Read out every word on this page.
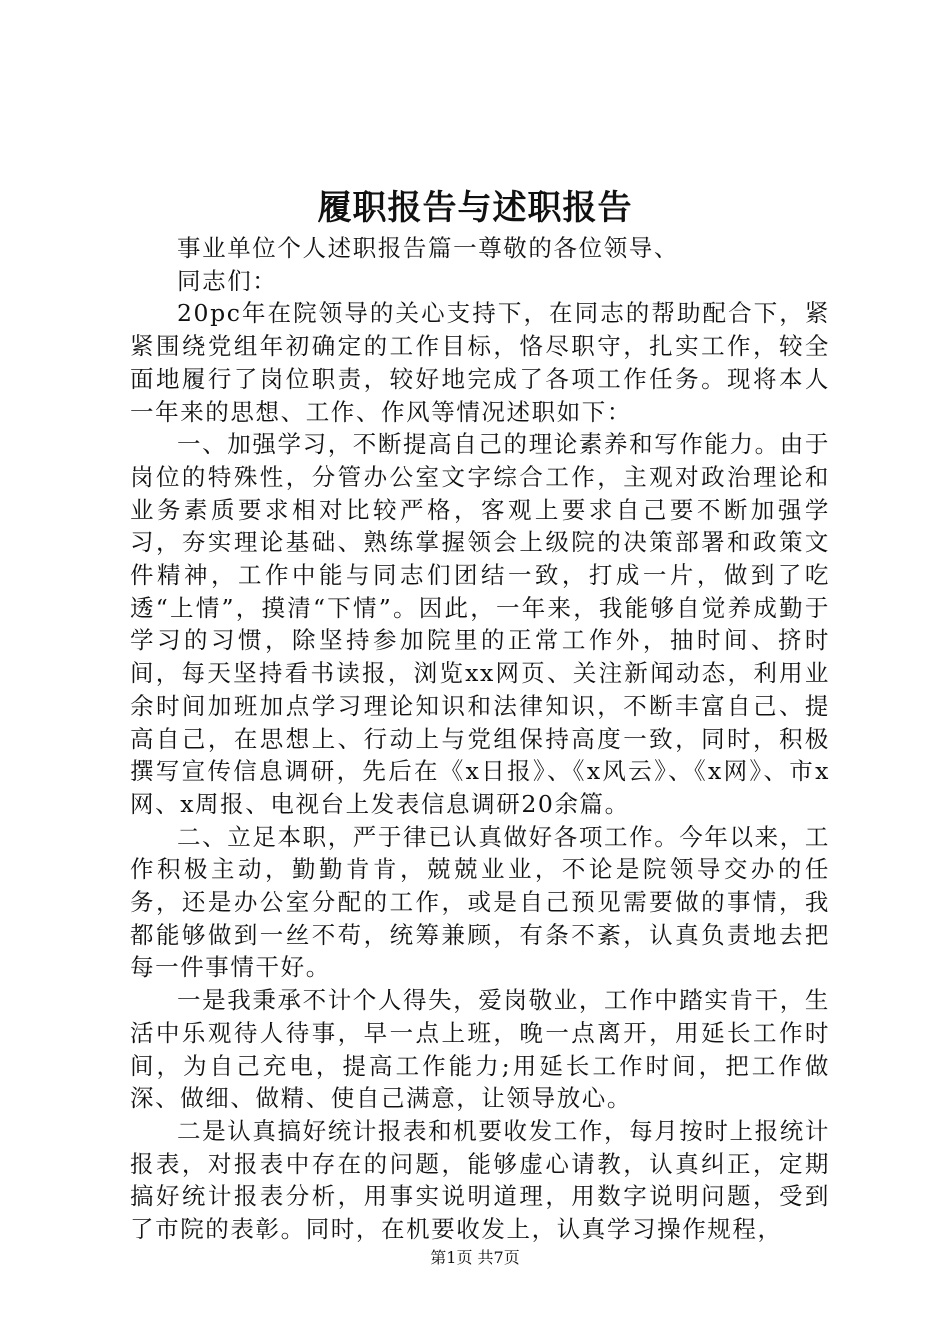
履职报告与述职报告

事业单位个人述职报告篇一尊敬的各位领导、

同志们：

20pc年在院领导的关心支持下，在同志的帮助配合下，紧紧围绕党组年初确定的工作目标，恪尽职守，扎实工作，较全面地履行了岗位职责，较好地完成了各项工作任务。现将本人一年来的思想、工作、作风等情况述职如下：

一、加强学习，不断提高自己的理论素养和写作能力。由于岗位的特殊性，分管办公室文字综合工作，主观对政治理论和业务素质要求相对比较严格，客观上要求自己要不断加强学习，夯实理论基础、熟练掌握领会上级院的决策部署和政策文件精神，工作中能与同志们团结一致，打成一片，做到了吃透“上情”，摸清“下情”。因此，一年来，我能够自觉养成勤于学习的习惯，除坚持参加院里的正常工作外，抽时间、挤时间，每天坚持看书读报，浏览xx网页、关注新闻动态，利用业余时间加班加点学习理论知识和法律知识，不断丰富自己、提高自己，在思想上、行动上与党组保持高度一致，同时，积极撰写宣传信息调研，先后在《x日报》、《x风云》、《x网》、市x网、x周报、电视台上发表信息调研20余篇。

二、立足本职，严于律已认真做好各项工作。今年以来，工作积极主动，勤勤肯肯，兢兢业业，不论是院领导交办的任务，还是办公室分配的工作，或是自己预见需要做的事情，我都能够做到一丝不苟，统筹兼顾，有条不紊，认真负责地去把每一件事情干好。

一是我秉承不计个人得失，爱岗敬业，工作中踏实肯干，生活中乐观待人待事，早一点上班，晚一点离开，用延长工作时间，为自己充电，提高工作能力;用延长工作时间，把工作做深、做细、做精、使自己满意，让领导放心。

二是认真搞好统计报表和机要收发工作，每月按时上报统计报表，对报表中存在的问题，能够虚心请教，认真纠正，定期搞好统计报表分析，用事实说明道理，用数字说明问题，受到了市院的表彰。同时，在机要收发上，认真学习操作规程，

第1页 共7页
